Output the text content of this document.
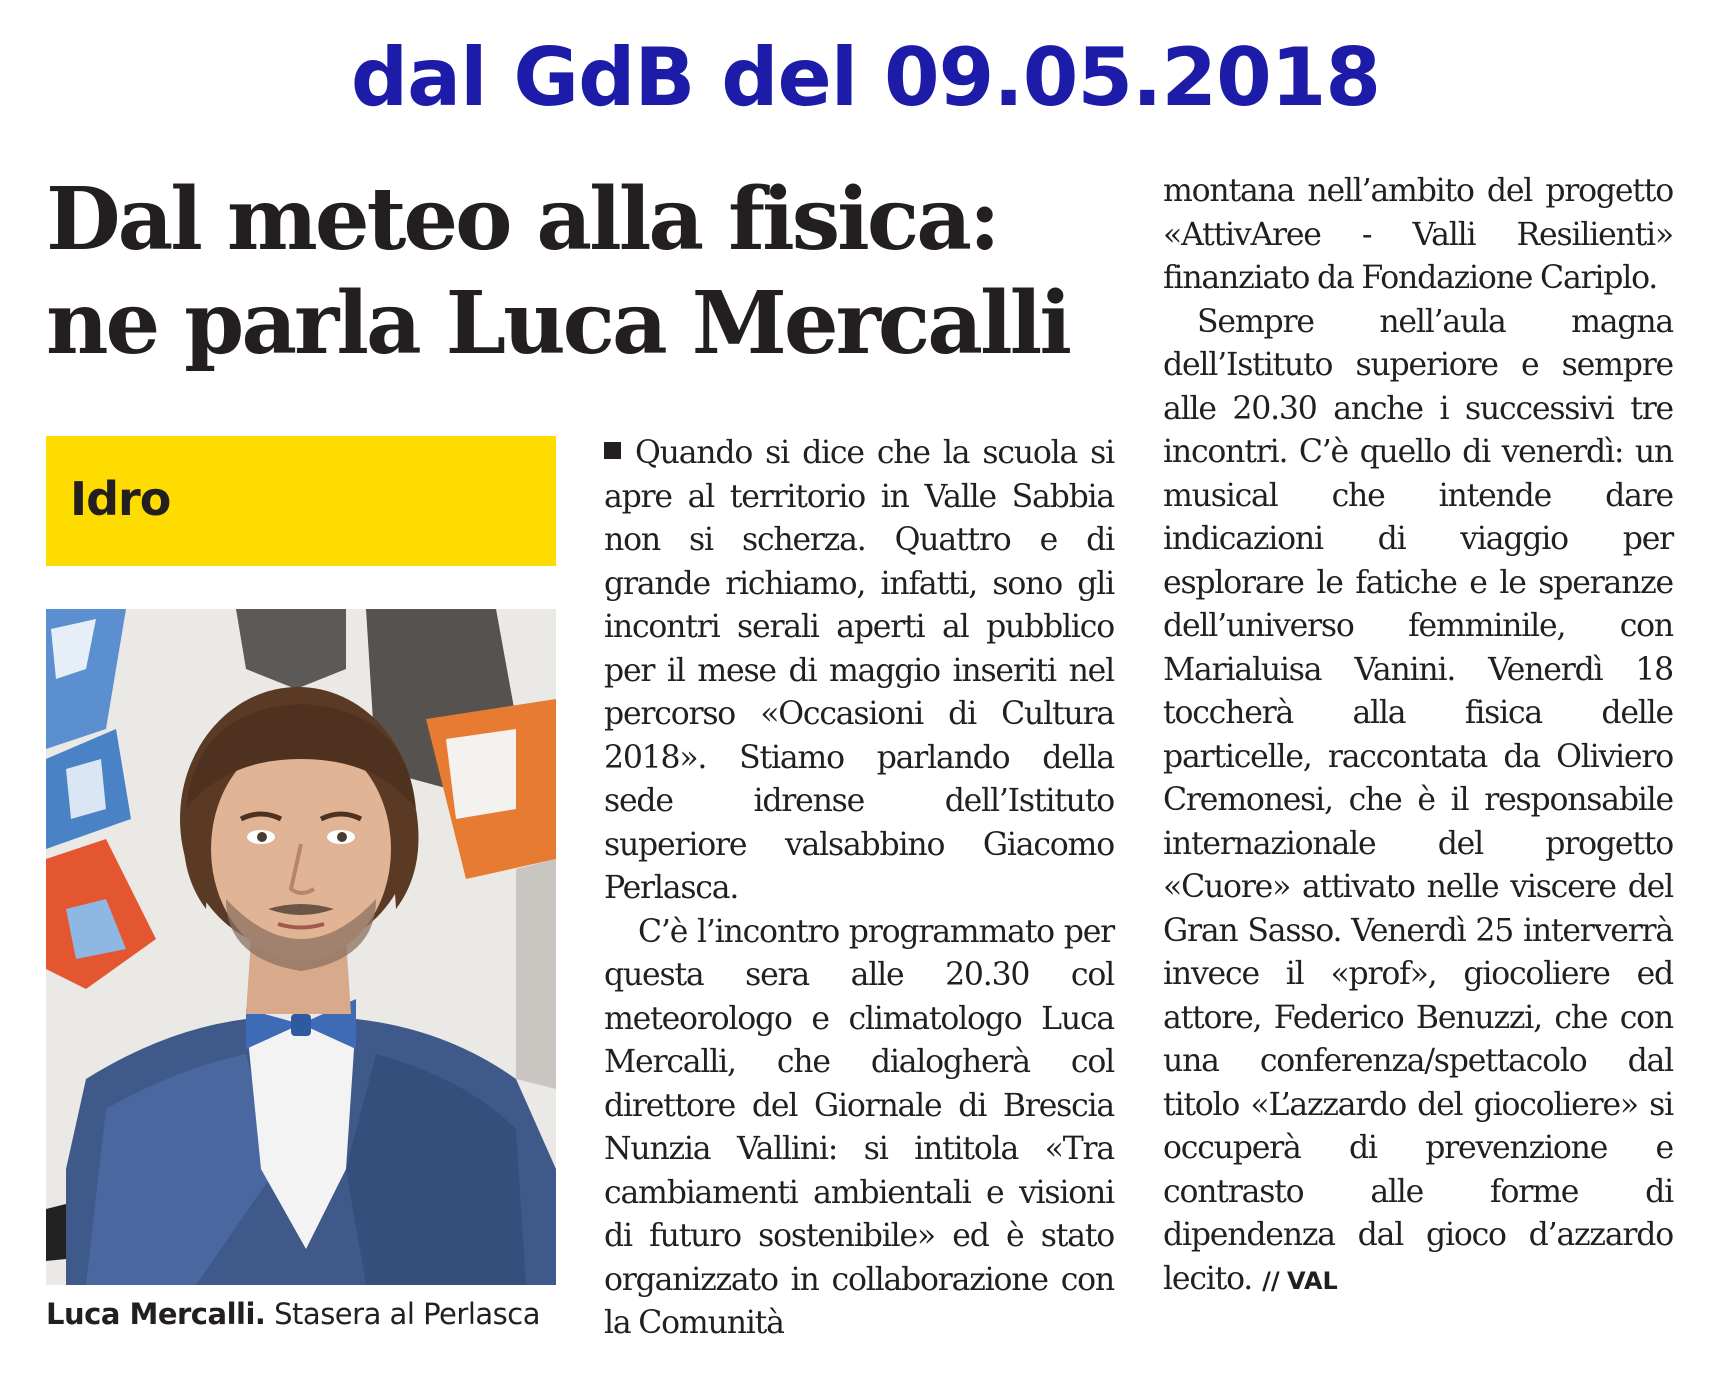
dal GdB del 09.05.2018
Dal meteo alla fisica:
ne parla Luca Mercalli
Idro
Luca Mercalli. Stasera al Perlasca

Quando si dice che la scuola si apre al territorio in Valle Sabbia non si scherza. Quattro e di grande richiamo, infatti, sono gli incontri serali aperti al pubblico per il mese di maggio inseriti nel percorso «Occasioni di Cultura 2018». Stiamo parlando della sede idrense dell’Istituto superiore valsabbino Giacomo Perlasca.

C’è l’incontro programmato per questa sera alle 20.30 col meteorologo e climatologo Luca Mercalli, che dialogherà col direttore del Giornale di Brescia Nunzia Vallini: si intitola «Tra cambiamenti ambientali e visioni di futuro sostenibile» ed è stato organizzato in collaborazione con la Comunità

montana nell’ambito del progetto «AttivAree - Valli Resilienti» finanziato da Fondazione Cariplo.

Sempre nell’aula magna dell’Istituto superiore e sempre alle 20.30 anche i successivi tre incontri. C’è quello di venerdì: un musical che intende dare indicazioni di viaggio per esplorare le fatiche e le speranze dell’universo femminile, con Marialuisa Vanini. Venerdì 18 toccherà alla fisica delle particelle, raccontata da Oliviero Cremonesi, che è il responsabile internazionale del progetto «Cuore» attivato nelle viscere del Gran Sasso. Venerdì 25 interverrà invece il «prof», giocoliere ed attore, Federico Benuzzi, che con una conferenza/spettacolo dal titolo «L’azzardo del giocoliere» si occuperà di prevenzione e contrasto alle forme di dipendenza dal gioco d’azzardo lecito. // VAL
